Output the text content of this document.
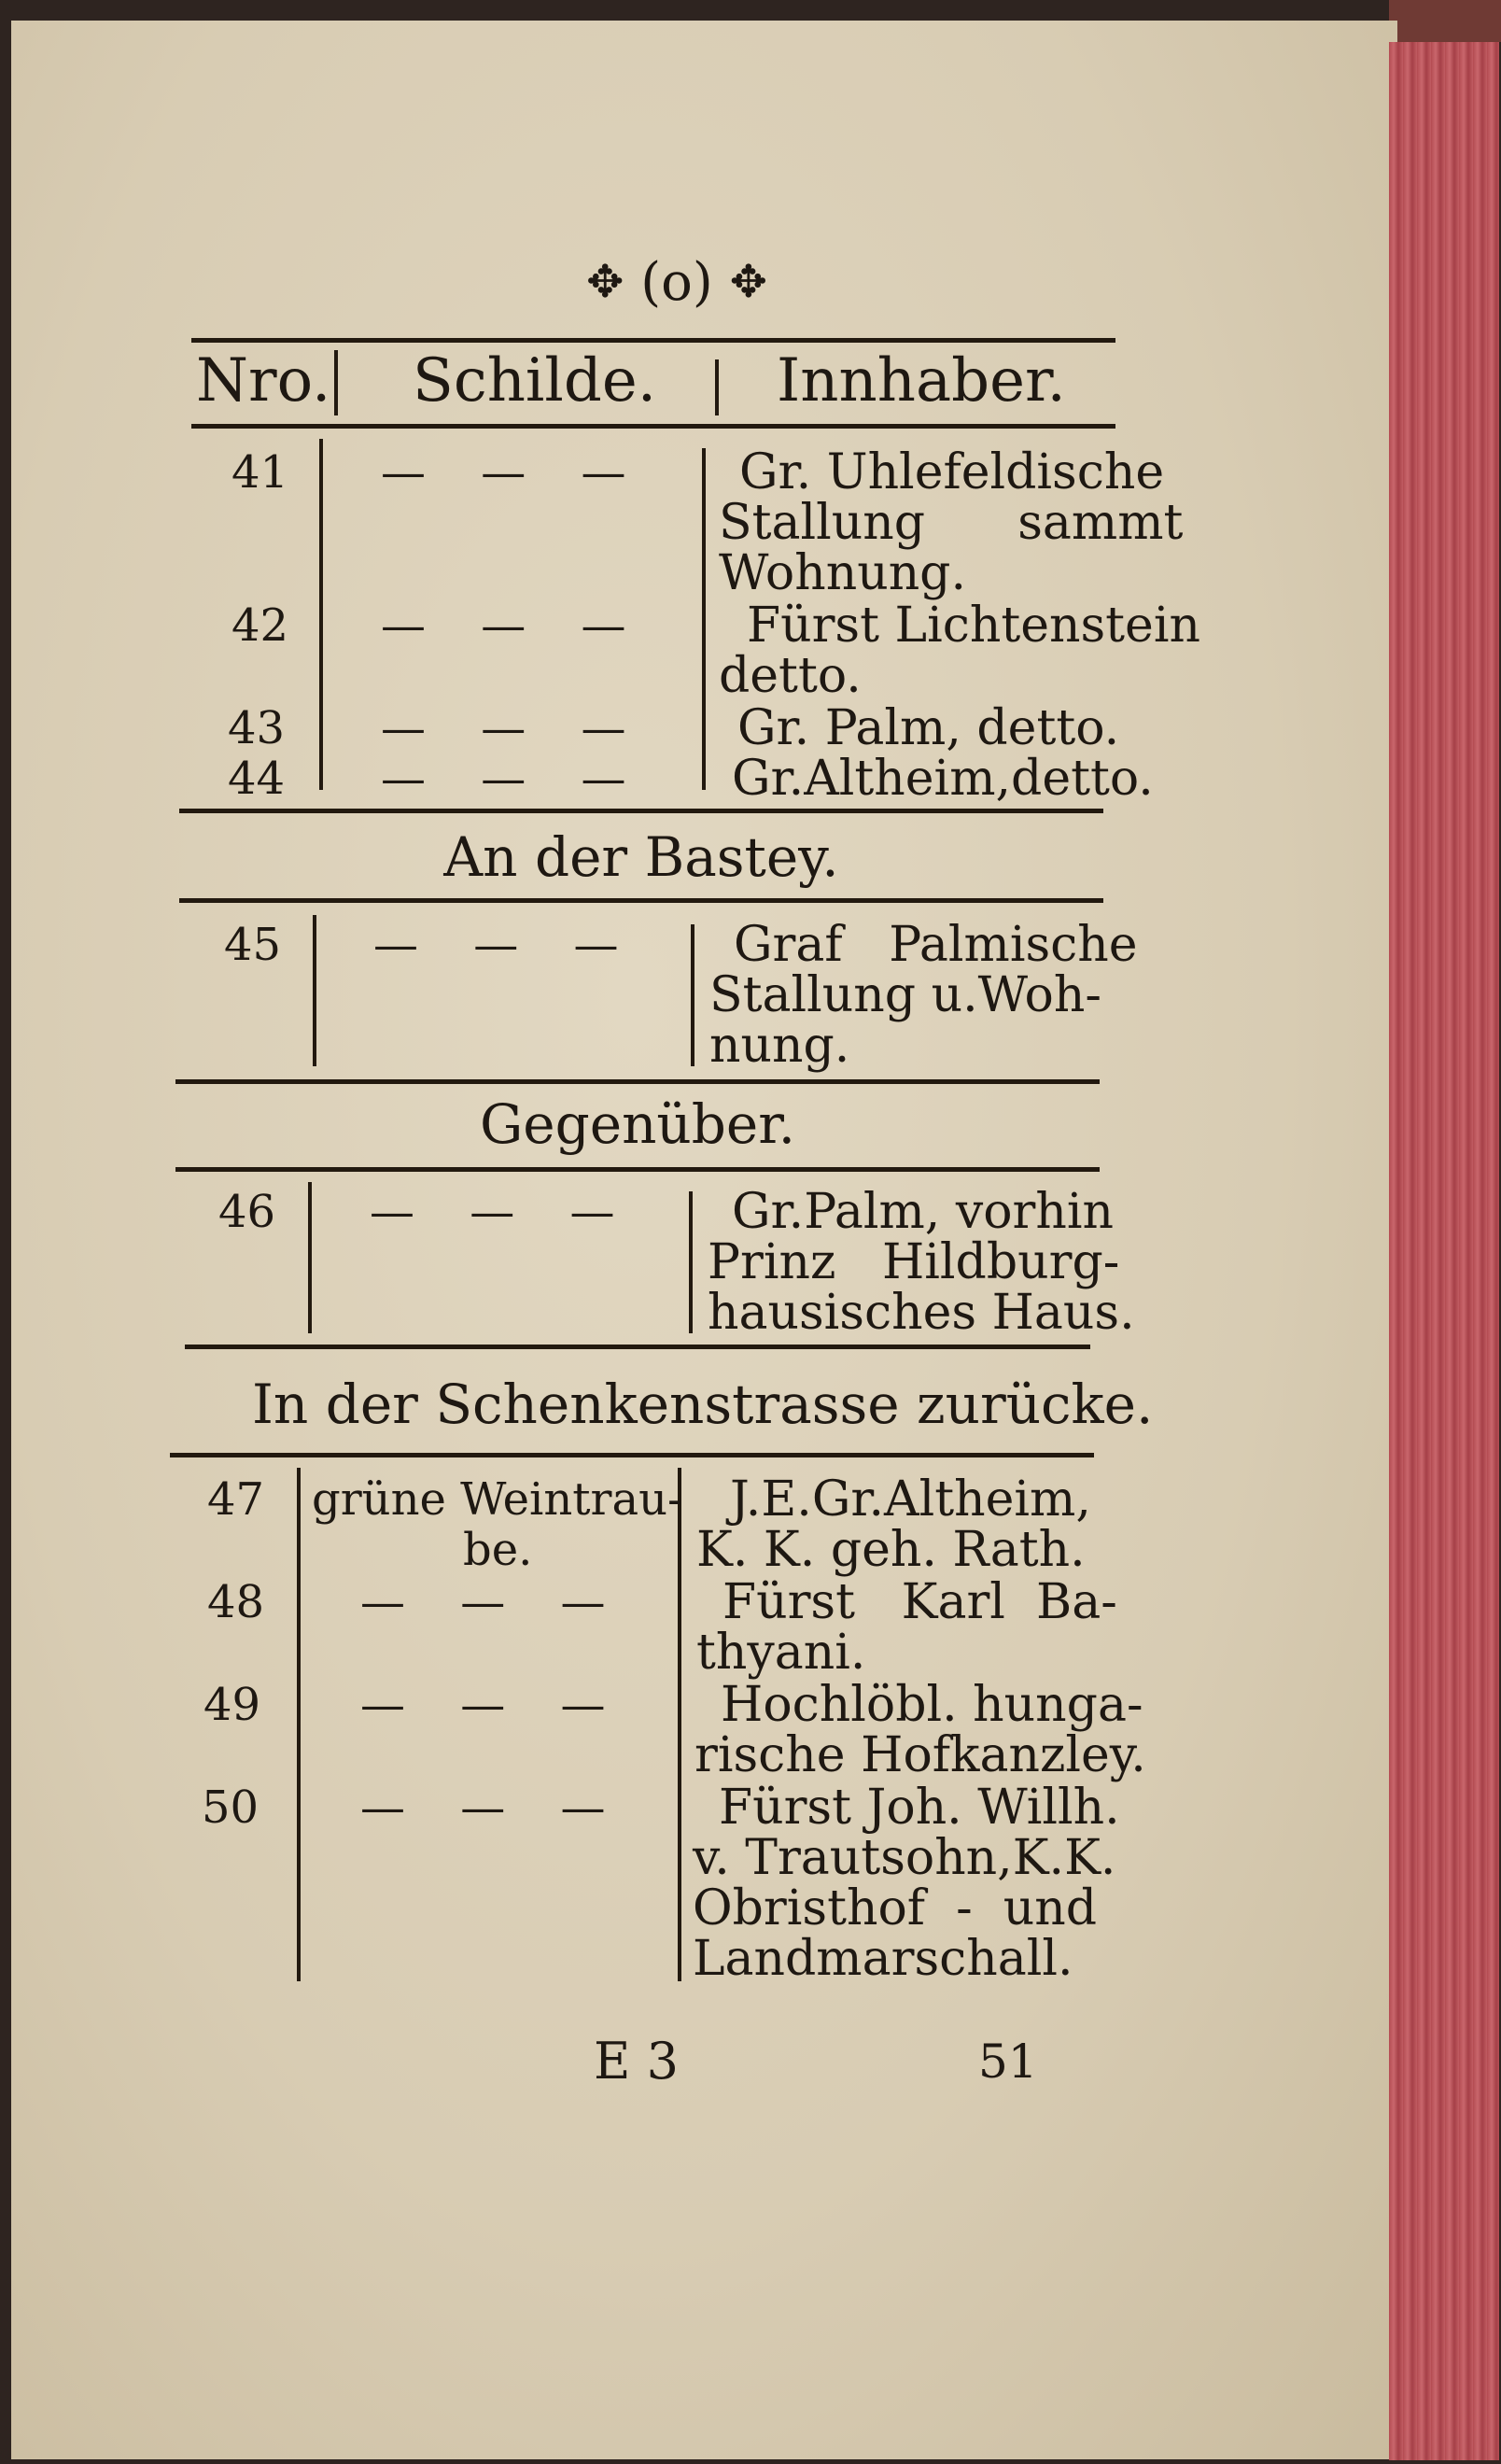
✥ (o) ✥
Nro. Schilde. Innhaber.
41 — — — Gr. Uhlefeldische
Stallung      sammt
Wohnung.
42 — — — Fürst Lichtenstein
detto.
43 — — — Gr. Palm, detto.
44 — — — Gr.Altheim,detto.
An der Bastey.
45 — — — Graf   Palmische
Stallung u.Woh-
nung.
Gegenüber.
46 — — — Gr.Palm, vorhin
Prinz   Hildburg-
hausisches Haus.
In der Schenkenstrasse zurücke.
47 grüne Weintrau-
be.
J.E.Gr.Altheim,
K. K. geh. Rath.
48 — — — Fürst   Karl  Ba-
thyani.
49 — — — Hochlöbl. hunga-
rische Hofkanzley.
50 — — — Fürst Joh. Willh.
v. Trautsohn,K.K.
Obristhof  -  und
Landmarschall.
E 3	51
